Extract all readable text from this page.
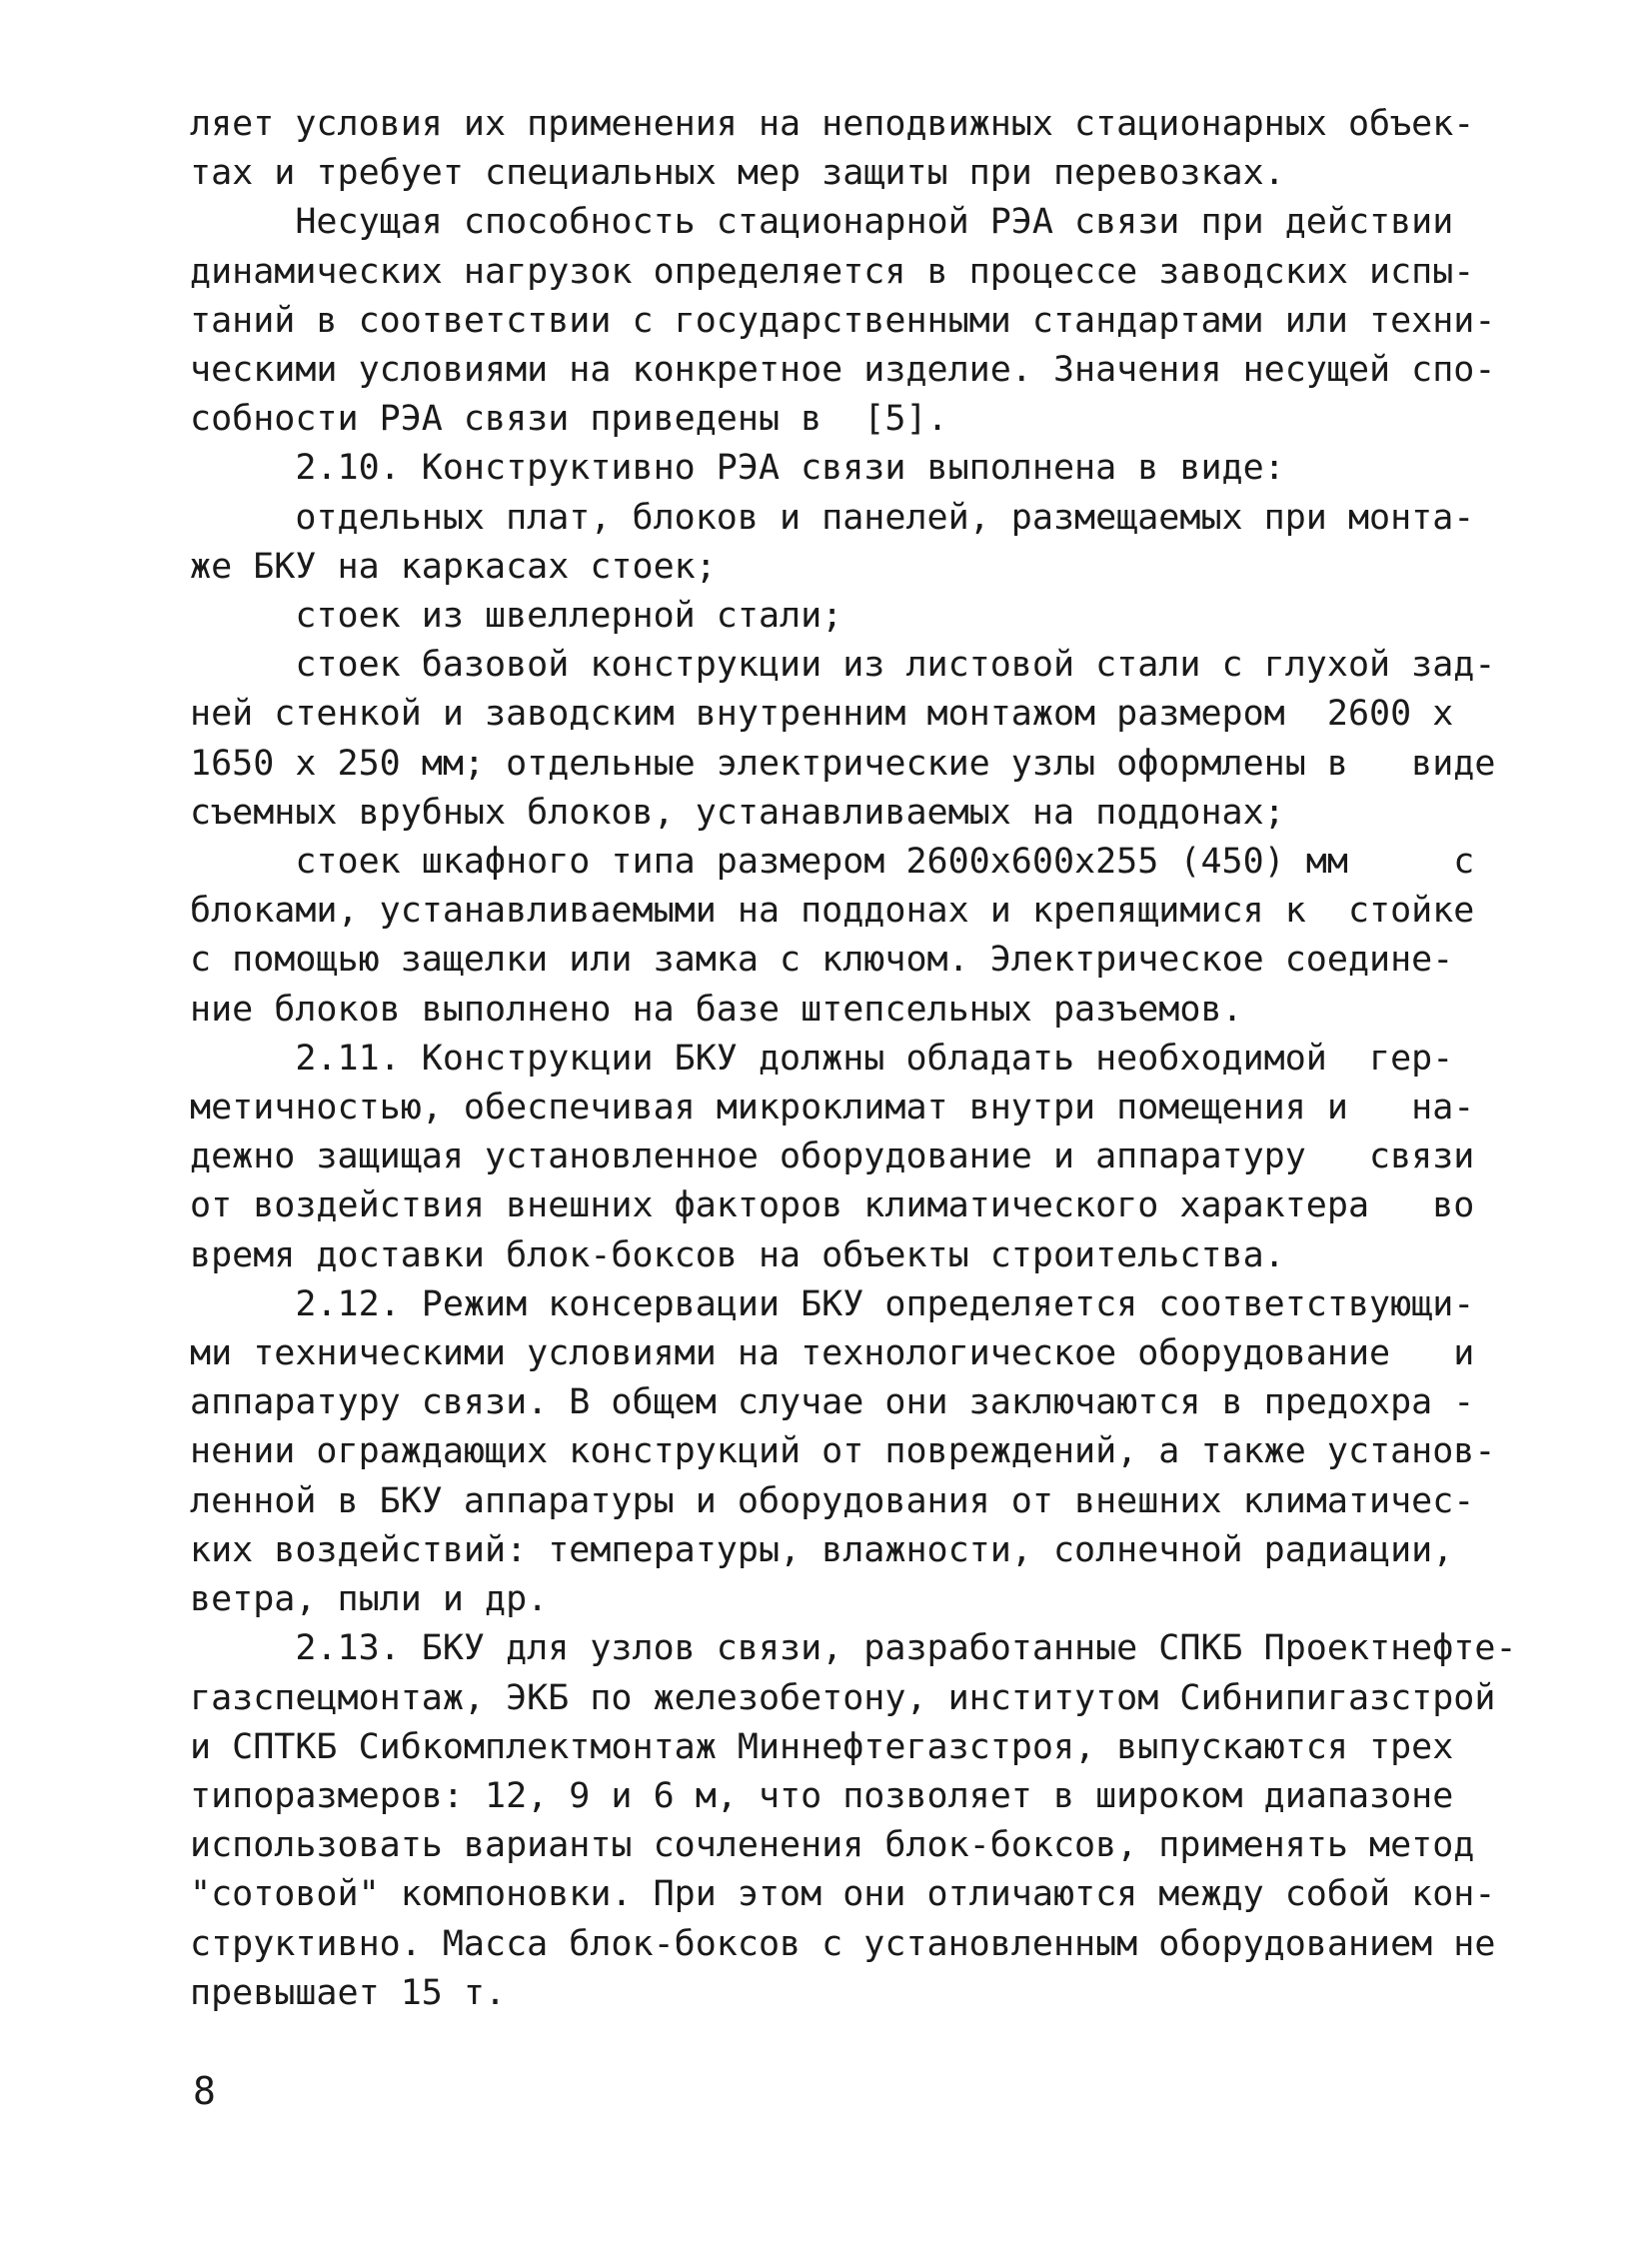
ляет условия их применения на неподвижных стационарных объек-
тах и требует специальных мер защиты при перевозках.
Несущая способность стационарной РЭА связи при действии
динамических нагрузок определяется в процессе заводских испы-
таний в соответствии с государственными стандартами или техни-
ческими условиями на конкретное изделие. Значения несущей спо-
собности РЭА связи приведены в  [5].
2.10. Конструктивно РЭА связи выполнена в виде:
отдельных плат, блоков и панелей, размещаемых при монта-
же БКУ на каркасах стоек;
стоек из швеллерной стали;
стоек базовой конструкции из листовой стали с глухой зад-
ней стенкой и заводским внутренним монтажом размером  2600 х
1650 х 250 мм; отдельные электрические узлы оформлены в   виде
съемных врубных блоков, устанавливаемых на поддонах;
стоек шкафного типа размером 2600х600х255 (450) мм     с
блоками, устанавливаемыми на поддонах и крепящимися к  стойке
с помощью защелки или замка с ключом. Электрическое соедине-
ние блоков выполнено на базе штепсельных разъемов.
2.11. Конструкции БКУ должны обладать необходимой  гер-
метичностью, обеспечивая микроклимат внутри помещения и   на-
дежно защищая установленное оборудование и аппаратуру   связи
от воздействия внешних факторов климатического характера   во
время доставки блок-боксов на объекты строительства.
2.12. Режим консервации БКУ определяется соответствующи-
ми техническими условиями на технологическое оборудование   и
аппаратуру связи. В общем случае они заключаются в предохра -
нении ограждающих конструкций от повреждений, а также установ-
ленной в БКУ аппаратуры и оборудования от внешних климатичес-
ких воздействий: температуры, влажности, солнечной радиации,
ветра, пыли и др.
2.13. БКУ для узлов связи, разработанные СПКБ Проектнефте-
газспецмонтаж, ЭКБ по железобетону, институтом Сибнипигазстрой
и СПТКБ Сибкомплектмонтаж Миннефтегазстроя, выпускаются трех
типоразмеров: 12, 9 и 6 м, что позволяет в широком диапазоне
использовать варианты сочленения блок-боксов, применять метод
"сотовой" компоновки. При этом они отличаются между собой кон-
структивно. Масса блок-боксов с установленным оборудованием не
превышает 15 т.
8
